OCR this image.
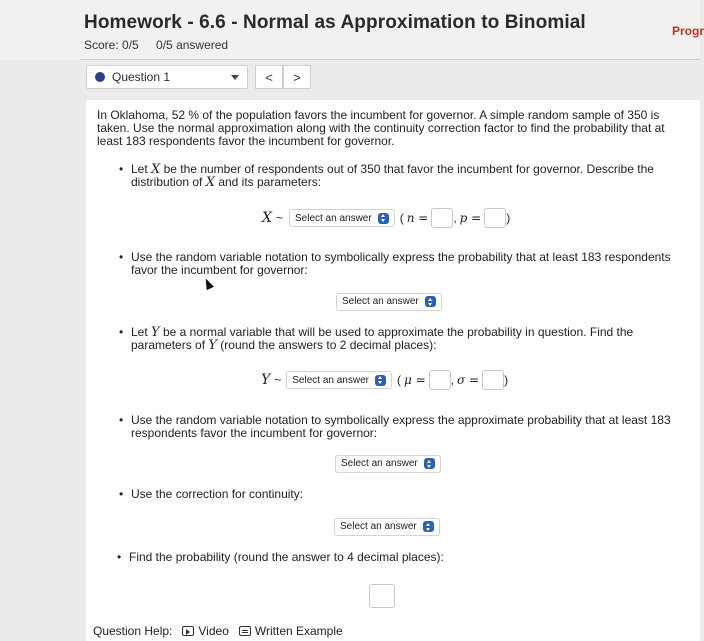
Homework - 6.6 - Normal as Approximation to Binomial
Score: 0/5 0/5 answered
Progr
Question 1	< >
In Oklahoma, 52 % of the population favors the incumbent for governor. A simple random sample of 350 is taken. Use the normal approximation along with the continuity correction factor to find the probability that at least 183 respondents favor the incumbent for governor.
• Let X be the number of respondents out of 350 that favor the incumbent for governor. Describe the distribution of X and its parameters:
X ~ Select an answer ( n = , p = )
• Use the random variable notation to symbolically express the probability that at least 183 respondents favor the incumbent for governor:
Select an answer
• Let Y be a normal variable that will be used to approximate the probability in question. Find the parameters of Y (round the answers to 2 decimal places):
Y ~ Select an answer ( μ = , σ = )
• Use the random variable notation to symbolically express the approximate probability that at least 183 respondents favor the incumbent for governor:
Select an answer
• Use the correction for continuity:
Select an answer
• Find the probability (round the answer to 4 decimal places):
Question Help: Video Written Example
